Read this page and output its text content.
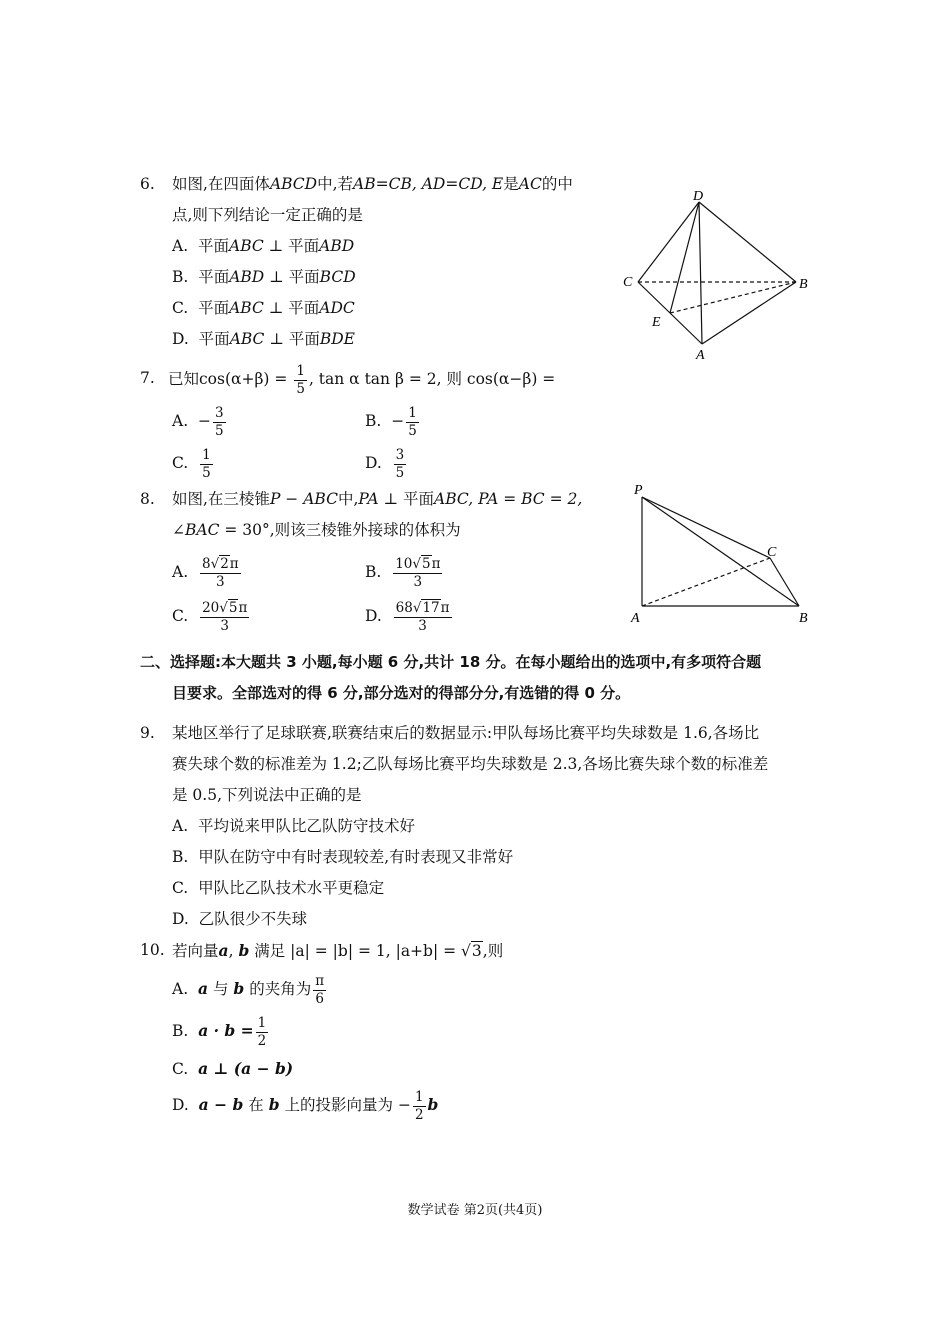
6. 如图,在四面体ABCD中,若AB=CB, AD=CD, E是AC的中
点,则下列结论一定正确的是
A. 平面ABC ⊥ 平面ABD
B. 平面ABD ⊥ 平面BCD
C. 平面ABC ⊥ 平面ADC
D. 平面ABC ⊥ 平面BDE
D
C	B
E
A
7. 已知$\cos(\alpha+\beta) = \frac{1}{5}$ , tan α tan β = 2, 则 cos(α−β) =
A. − $\frac{3}{5}$	B. − $\frac{1}{5}$
C. $\frac{1}{5}$	D. $\frac{3}{5}$
8. 如图,在三棱锥P − ABC中,PA ⊥ 平面ABC, PA = BC = 2,
∠BAC = 30°,则该三棱锥外接球的体积为
A. $\frac{8√2\pi}{3}$	B. $\frac{10√5\pi}{3}$
C. $\frac{20√5\pi}{3}$	D. $\frac{68√17\pi}{3}$
P
C
A	B
二、选择题:本大题共 3 小题,每小题 6 分,共计 18 分。在每小题给出的选项中,有多项符合题
目要求。全部选对的得 6 分,部分选对的得部分分,有选错的得 0 分。
9. 某地区举行了足球联赛,联赛结束后的数据显示:甲队每场比赛平均失球数是 1.6,各场比
赛失球个数的标准差为 1.2;乙队每场比赛平均失球数是 2.3,各场比赛失球个数的标准差
是 0.5,下列说法中正确的是
A. 平均说来甲队比乙队防守技术好
B. 甲队在防守中有时表现较差,有时表现又非常好
C. 甲队比乙队技术水平更稳定
D. 乙队很少不失球
10. 若向量a, b 满足 |a| = |b| = 1, |a+b| = √3,则
A. a 与 b 的夹角为 $\frac{\pi}{6}$
B. $a \cdot b = \frac{1}{2}$
C. a ⊥ (a − b)
D. a − b 在 b 上的投影向量为 − $\frac{1}{2}$ b
数学试卷 第2页(共4页)
